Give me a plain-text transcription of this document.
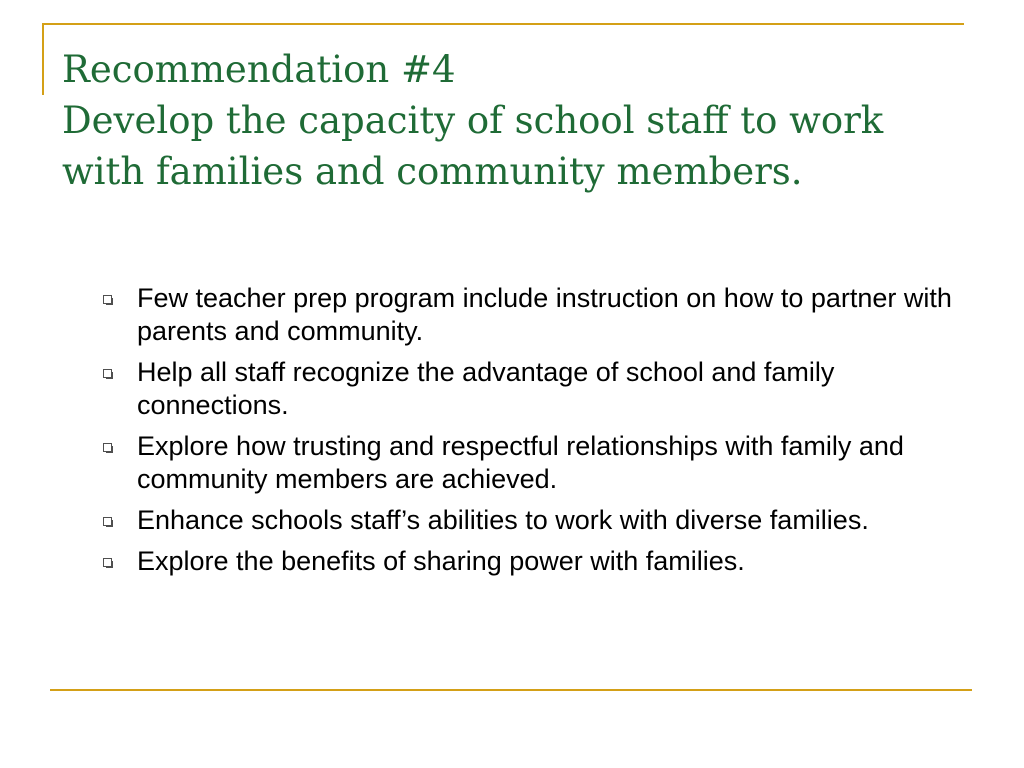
Recommendation #4
Develop the capacity of school staff to work
with families and community members.
Few teacher prep program include instruction on how to partner with parents and community.
Help all staff recognize the advantage of school and family connections.
Explore how trusting and respectful relationships with family and community members are achieved.
Enhance schools staff’s abilities to work with diverse families.
Explore the benefits of sharing power with families.
